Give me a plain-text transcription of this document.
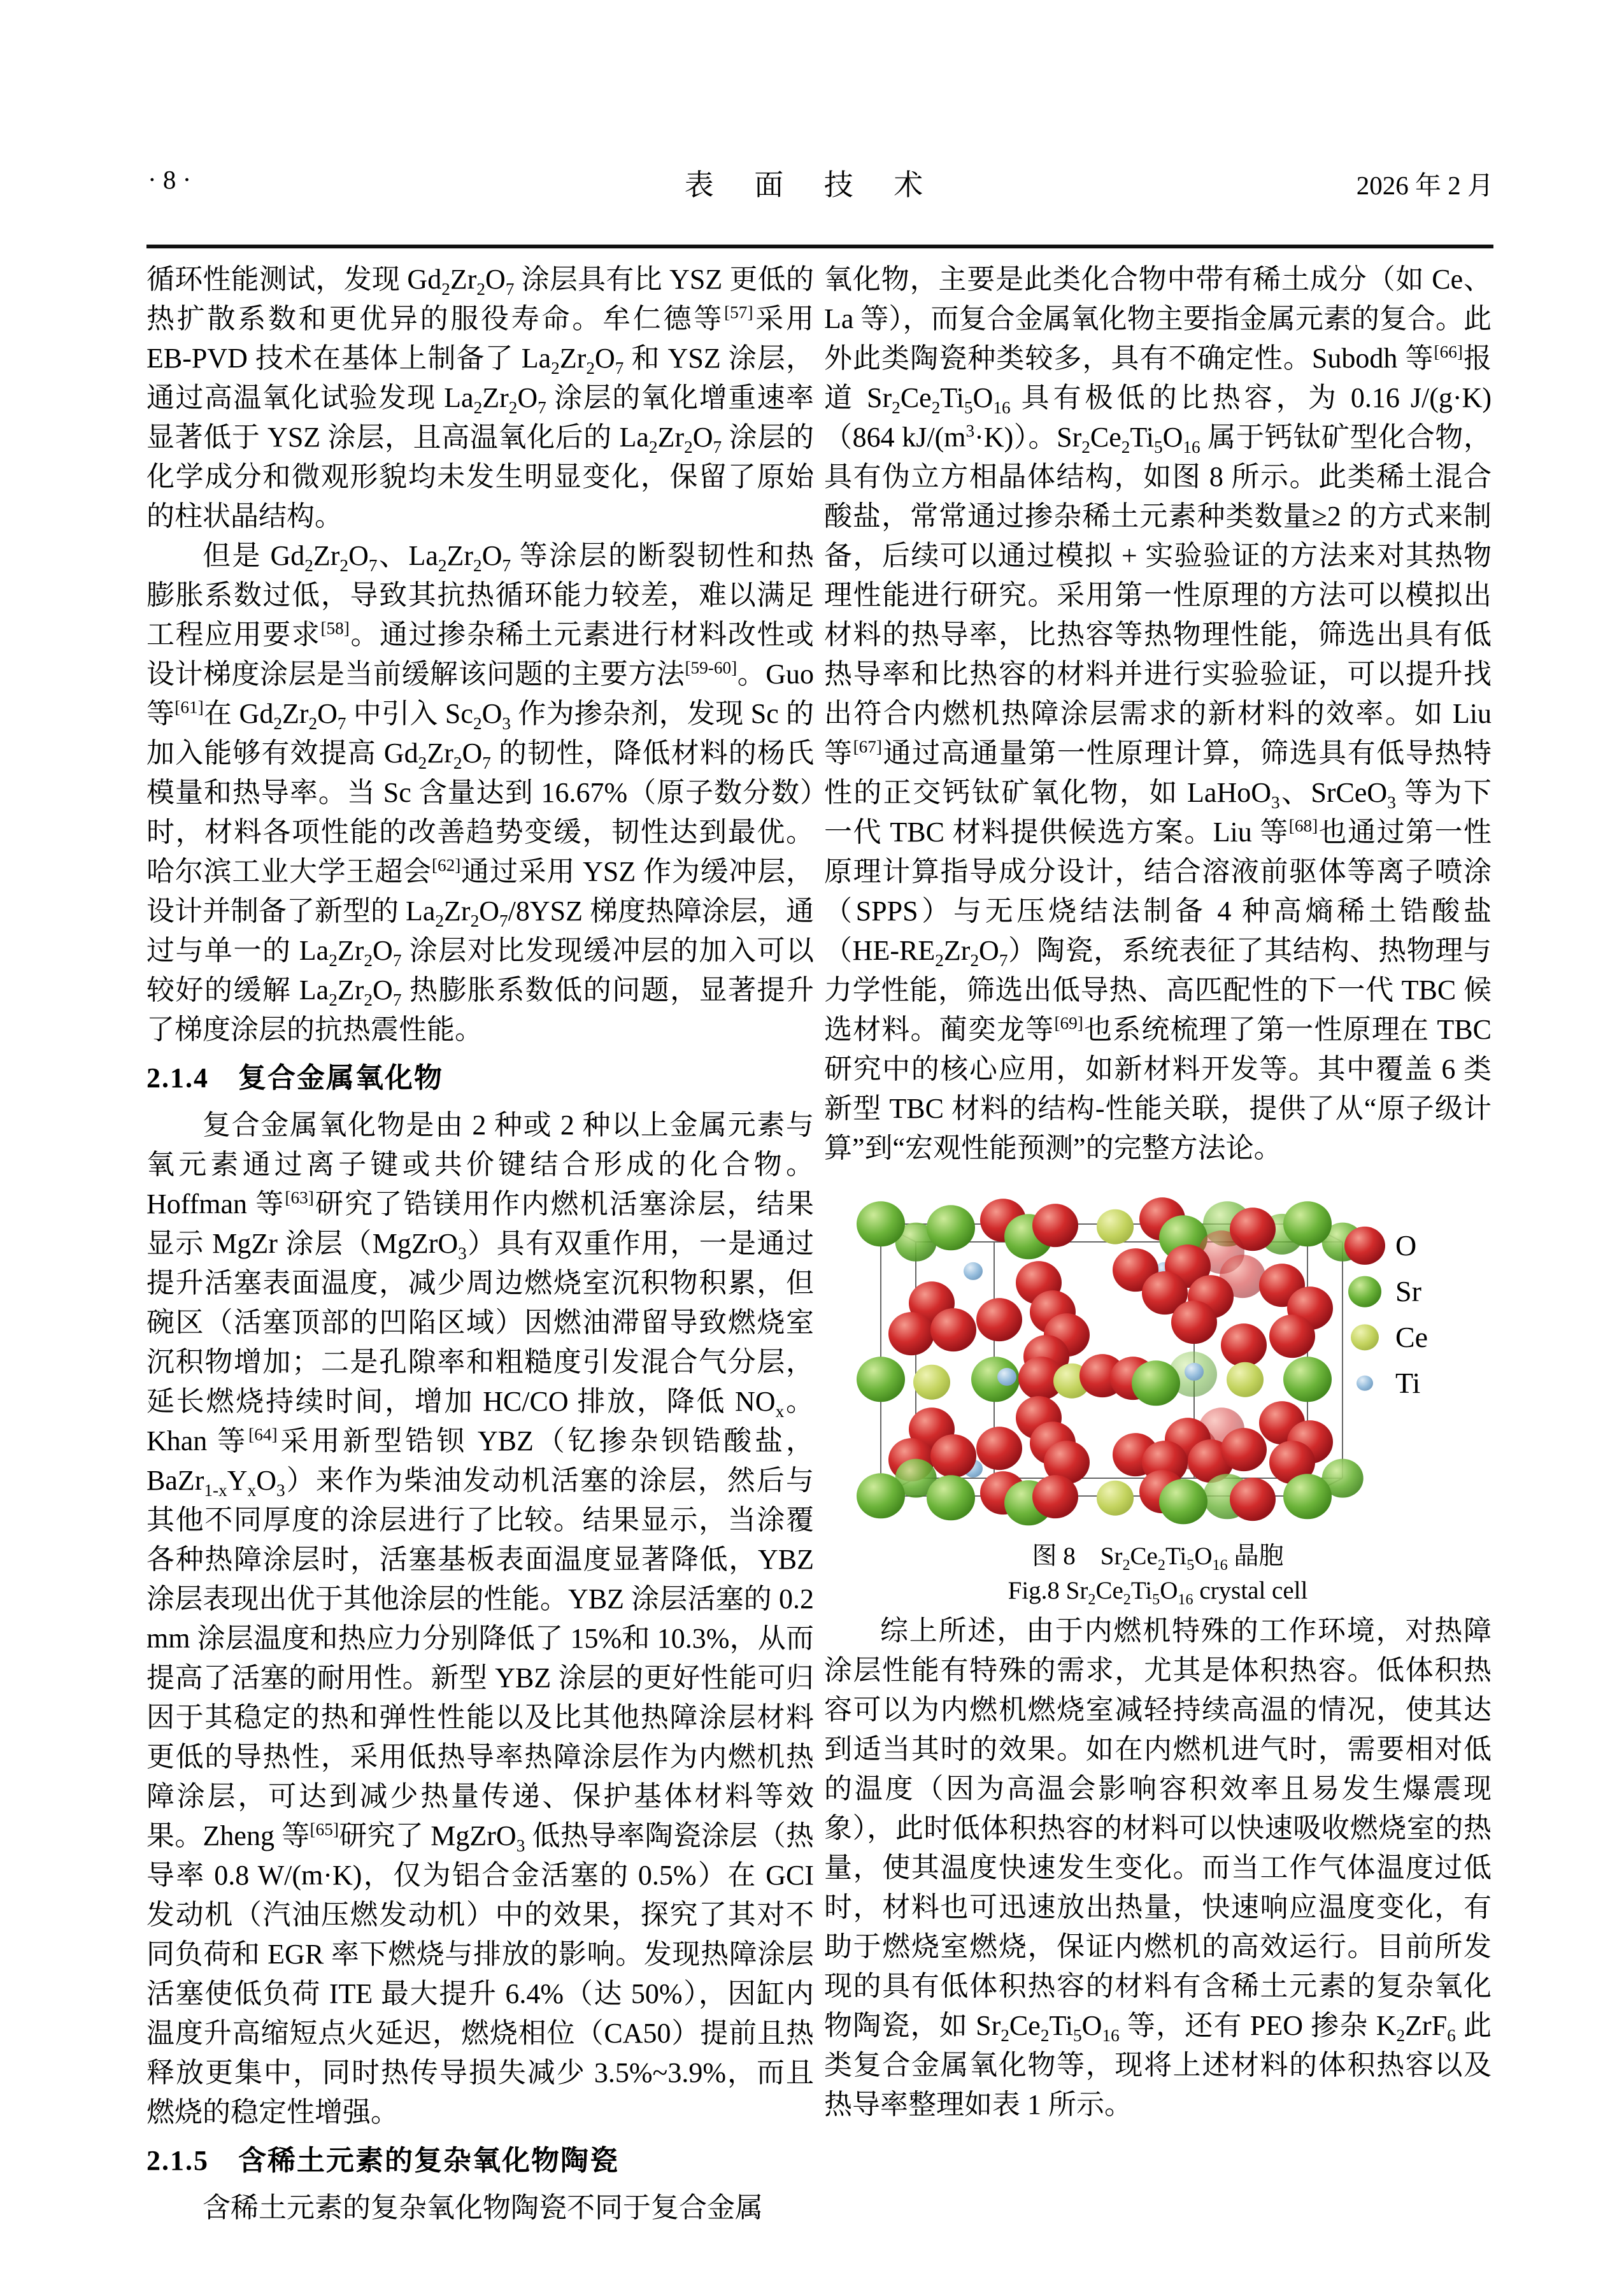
· 8 ·	表 面 技 术	2026 年 2 月

循环性能测试，发现 $Gd_2Zr_2O_7$ 涂层具有比 YSZ 更低的热扩散系数和更优异的服役寿命。牟仁德等[57]采用 EB-PVD 技术在基体上制备了 $La_2Zr_2O_7$ 和 YSZ 涂层，通过高温氧化试验发现 $La_2Zr_2O_7$ 涂层的氧化增重速率显著低于 YSZ 涂层，且高温氧化后的 $La_2Zr_2O_7$ 涂层的化学成分和微观形貌均未发生明显变化，保留了原始的柱状晶结构。

但是 $Gd_2Zr_2O_7$、$La_2Zr_2O_7$ 等涂层的断裂韧性和热膨胀系数过低，导致其抗热循环能力较差，难以满足工程应用要求[58]。通过掺杂稀土元素进行材料改性或设计梯度涂层是当前缓解该问题的主要方法[59-60]。Guo 等[61]在 $Gd_2Zr_2O_7$ 中引入 $Sc_2O_3$ 作为掺杂剂，发现 Sc 的加入能够有效提高 $Gd_2Zr_2O_7$ 的韧性，降低材料的杨氏模量和热导率。当 Sc 含量达到 16.67%（原子数分数）时，材料各项性能的改善趋势变缓，韧性达到最优。哈尔滨工业大学王超会[62]通过采用 YSZ 作为缓冲层，设计并制备了新型的 $La_2Zr_2O_7/8YSZ$ 梯度热障涂层，通过与单一的 $La_2Zr_2O_7$ 涂层对比发现缓冲层的加入可以较好的缓解 $La_2Zr_2O_7$ 热膨胀系数低的问题，显著提升了梯度涂层的抗热震性能。

2.1.4　复合金属氧化物

复合金属氧化物是由 2 种或 2 种以上金属元素与氧元素通过离子键或共价键结合形成的化合物。Hoffman 等[63]研究了锆镁用作内燃机活塞涂层，结果显示 MgZr 涂层（MgZrO$_3$）具有双重作用，一是通过提升活塞表面温度，减少周边燃烧室沉积物积累，但碗区（活塞顶部的凹陷区域）因燃油滞留导致燃烧室沉积物增加；二是孔隙率和粗糙度引发混合气分层，延长燃烧持续时间，增加 HC/CO 排放，降低 $NO_x$。Khan 等[64]采用新型锆钡 YBZ（钇掺杂钡锆酸盐，$BaZr_{1-x}Y_xO_3$）来作为柴油发动机活塞的涂层，然后与其他不同厚度的涂层进行了比较。结果显示，当涂覆各种热障涂层时，活塞基板表面温度显著降低，YBZ 涂层表现出优于其他涂层的性能。YBZ 涂层活塞的 0.2 mm 涂层温度和热应力分别降低了 15%和 10.3%，从而提高了活塞的耐用性。新型 YBZ 涂层的更好性能可归因于其稳定的热和弹性性能以及比其他热障涂层材料更低的导热性，采用低热导率热障涂层作为内燃机热障涂层，可达到减少热量传递、保护基体材料等效果。Zheng 等[65]研究了 MgZrO$_3$ 低热导率陶瓷涂层（热导率 0.8 W/(m·K)，仅为铝合金活塞的 0.5%）在 GCI 发动机（汽油压燃发动机）中的效果，探究了其对不同负荷和 EGR 率下燃烧与排放的影响。发现热障涂层活塞使低负荷 ITE 最大提升 6.4%（达 50%），因缸内温度升高缩短点火延迟，燃烧相位（CA50）提前且热释放更集中，同时热传导损失减少 3.5%~3.9%，而且燃烧的稳定性增强。

2.1.5　含稀土元素的复杂氧化物陶瓷

含稀土元素的复杂氧化物陶瓷不同于复合金属

氧化物，主要是此类化合物中带有稀土成分（如 Ce、La 等），而复合金属氧化物主要指金属元素的复合。此外此类陶瓷种类较多，具有不确定性。Subodh 等[66]报道 $Sr_2Ce_2Ti_5O_{16}$ 具有极低的比热容，为 0.16 J/(g·K)（864 $kJ/(m^3\cdot K)$）。$Sr_2Ce_2Ti_5O_{16}$ 属于钙钛矿型化合物，具有伪立方相晶体结构，如图 8 所示。此类稀土混合酸盐，常常通过掺杂稀土元素种类数量≥2 的方式来制备，后续可以通过模拟 + 实验验证的方法来对其热物理性能进行研究。采用第一性原理的方法可以模拟出材料的热导率，比热容等热物理性能，筛选出具有低热导率和比热容的材料并进行实验验证，可以提升找出符合内燃机热障涂层需求的新材料的效率。如 Liu 等[67]通过高通量第一性原理计算，筛选具有低导热特性的正交钙钛矿氧化物，如 LaHoO$_3$、SrCeO$_3$ 等为下一代 TBC 材料提供候选方案。Liu 等[68]也通过第一性原理计算指导成分设计，结合溶液前驱体等离子喷涂（SPPS）与无压烧结法制备 4 种高熵稀土锆酸盐$(HE-RE_2Zr_2O_7)$陶瓷，系统表征了其结构、热物理与力学性能，筛选出低导热、高匹配性的下一代 TBC 候选材料。蔺奕龙等[69]也系统梳理了第一性原理在 TBC 研究中的核心应用，如新材料开发等。其中覆盖 6 类新型 TBC 材料的结构-性能关联，提供了从“原子级计算”到“宏观性能预测”的完整方法论。

O
Sr
Ce
Ti

图 8　$Sr_2Ce_2Ti_5O_{16}$ 晶胞

Fig.8 $Sr_2Ce_2Ti_5O_{16}$ crystal cell

综上所述，由于内燃机特殊的工作环境，对热障涂层性能有特殊的需求，尤其是体积热容。低体积热容可以为内燃机燃烧室减轻持续高温的情况，使其达到适当其时的效果。如在内燃机进气时，需要相对低的温度（因为高温会影响容积效率且易发生爆震现象），此时低体积热容的材料可以快速吸收燃烧室的热量，使其温度快速发生变化。而当工作气体温度过低时，材料也可迅速放出热量，快速响应温度变化，有助于燃烧室燃烧，保证内燃机的高效运行。目前所发现的具有低体积热容的材料有含稀土元素的复杂氧化物陶瓷，如 $Sr_2Ce_2Ti_5O_{16}$ 等，还有 PEO 掺杂 $K_2ZrF_6$ 此类复合金属氧化物等，现将上述材料的体积热容以及热导率整理如表 1 所示。
